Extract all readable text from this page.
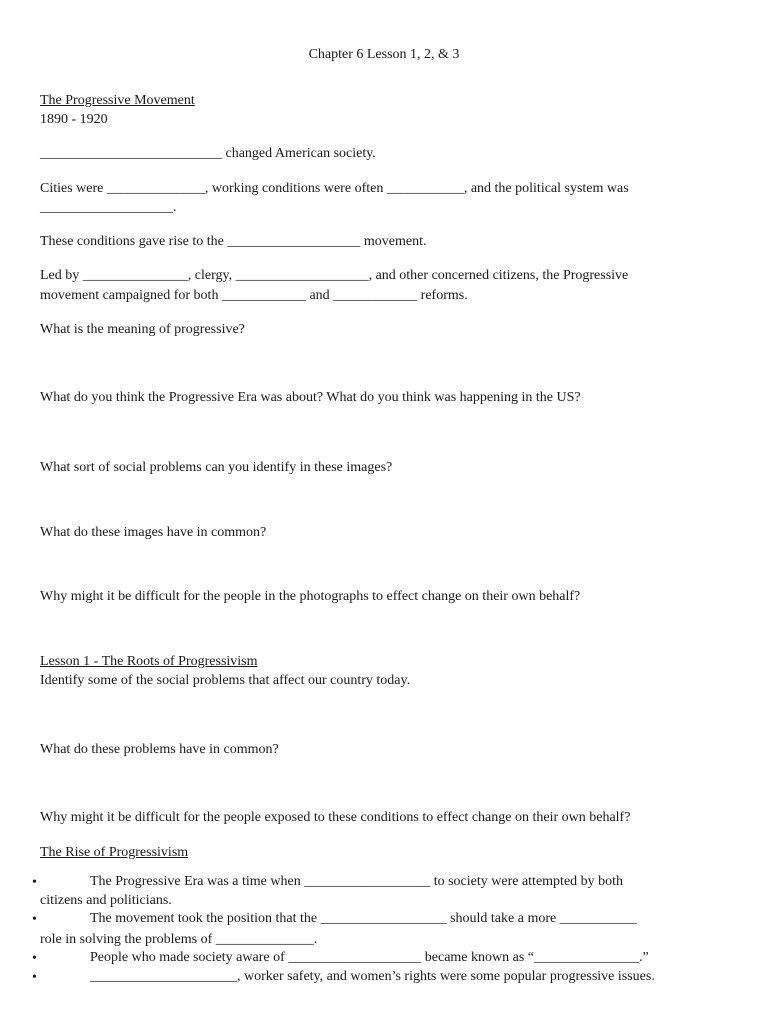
Chapter 6 Lesson 1, 2, & 3
The Progressive Movement
1890 - 1920
__________________________ changed American society.
Cities were ______________, working conditions were often ___________, and the political system was
___________________.
These conditions gave rise to the ___________________ movement.
Led by _______________, clergy, ___________________, and other concerned citizens, the Progressive
movement campaigned for both ____________ and ____________ reforms.
What is the meaning of progressive?
What do you think the Progressive Era was about? What do you think was happening in the US?
What sort of social problems can you identify in these images?
What do these images have in common?
Why might it be difficult for the people in the photographs to effect change on their own behalf?
Lesson 1 - The Roots of Progressivism
Identify some of the social problems that affect our country today.
What do these problems have in common?
Why might it be difficult for the people exposed to these conditions to effect change on their own behalf?
The Rise of Progressivism
•	The Progressive Era was a time when __________________ to society were attempted by both
citizens and politicians.
•	The movement took the position that the __________________ should take a more ___________
role in solving the problems of ______________.
•	People who made society aware of ___________________ became known as “_______________.”
•	_____________________, worker safety, and women’s rights were some popular progressive issues.
